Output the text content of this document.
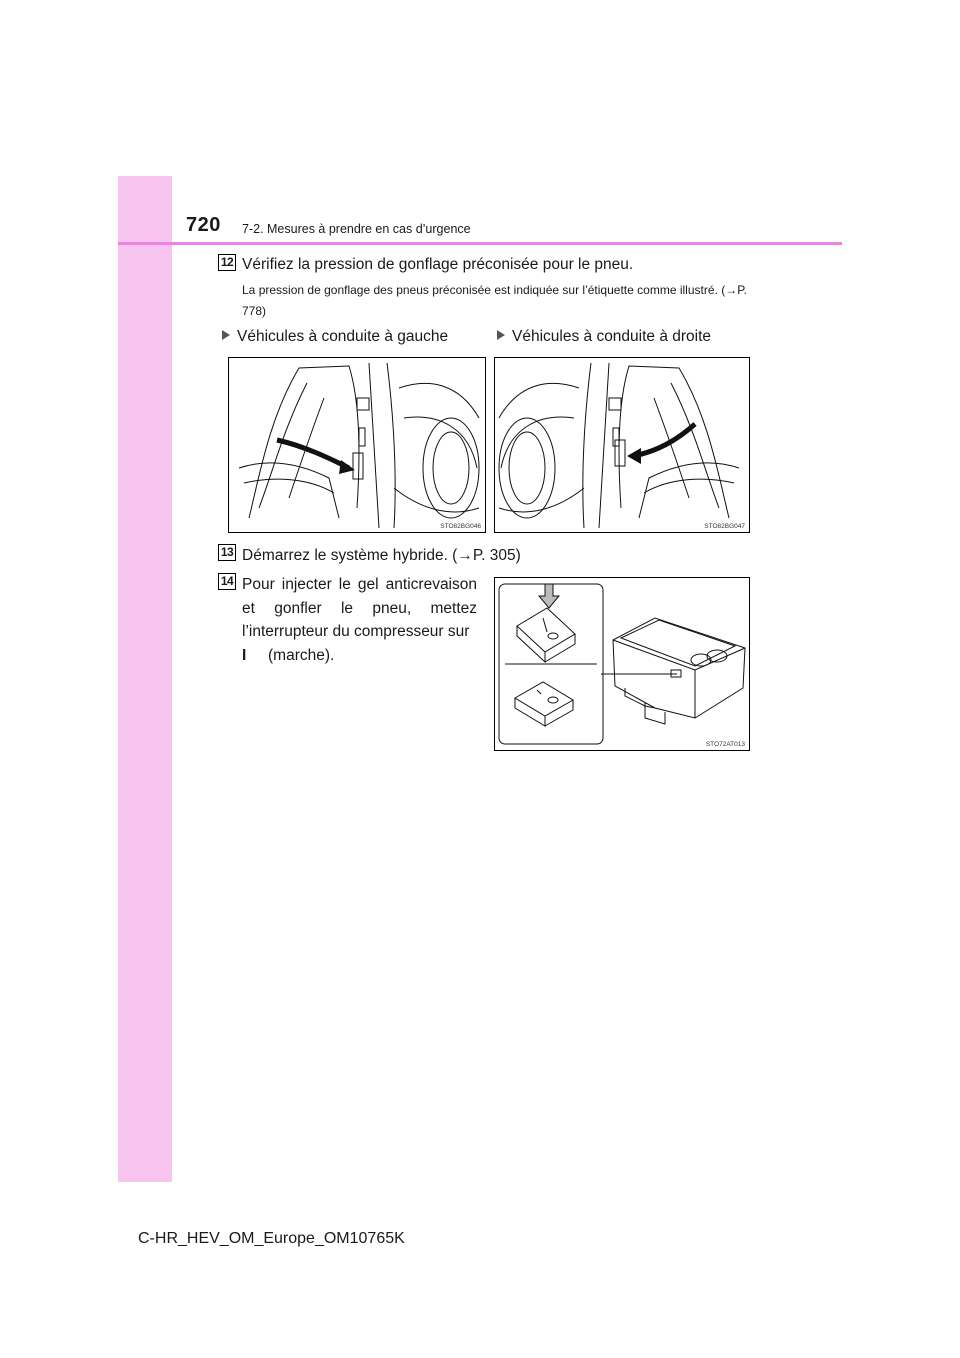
720 7-2. Mesures à prendre en cas d’urgence
12 Vérifiez la pression de gonflage préconisée pour le pneu.
La pression de gonflage des pneus préconisée est indiquée sur l’étiquette comme illustré. (→P. 778)
Véhicules à conduite à gauche	Véhicules à conduite à droite
STO82BG046	STO82BG047
13 Démarrez le système hybride. (→P. 305)
14 Pour injecter le gel anticrevaison et gonfler le pneu, mettez l’interrupteur du compresseur sur
I (marche).
STO72AT013
C-HR_HEV_OM_Europe_OM10765K
